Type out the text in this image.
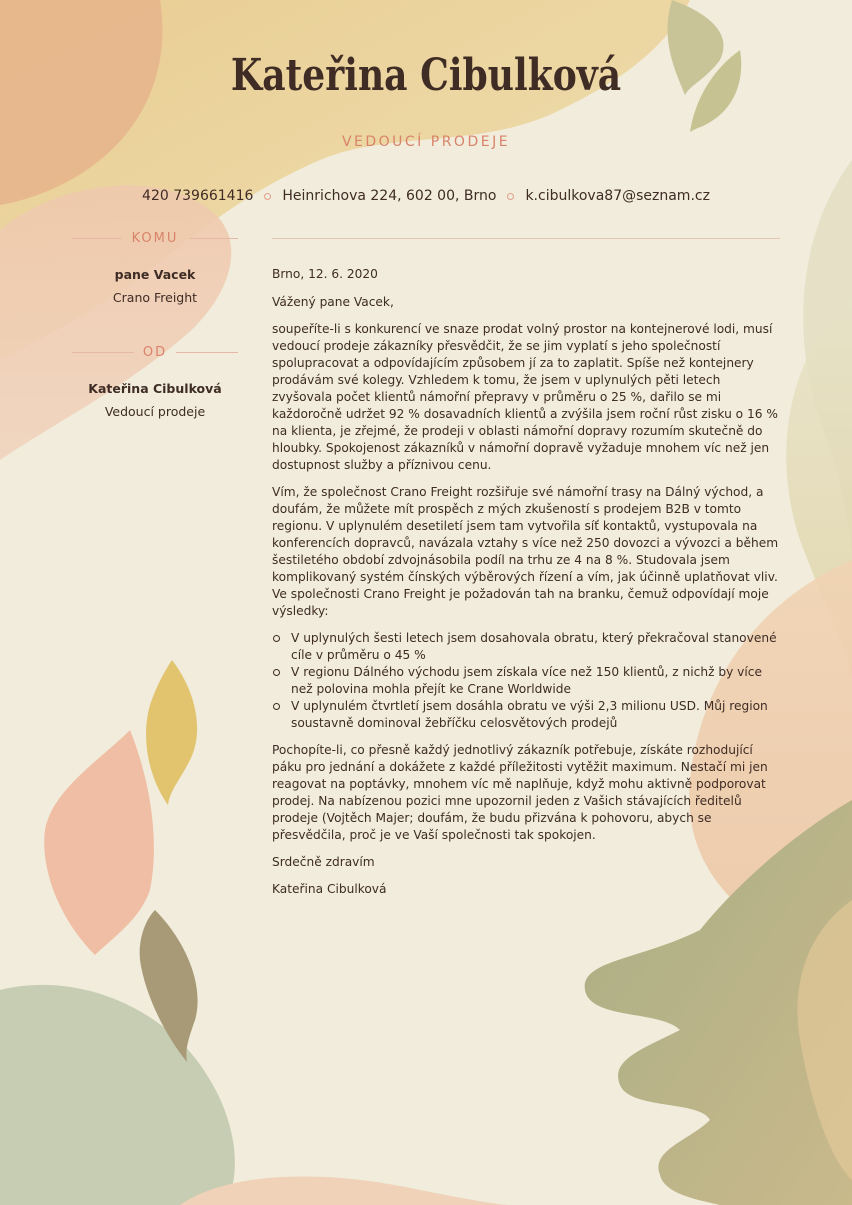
Kateřina Cibulková
VEDOUCÍ PRODEJE
420 739661416 Heinrichova 224, 602 00, Brno k.cibulkova87@seznam.cz
KOMU
pane Vacek
Crano Freight
OD
Kateřina Cibulková
Vedoucí prodeje

Brno, 12. 6. 2020

Vážený pane Vacek,

soupeříte-li s konkurencí ve snaze prodat volný prostor na kontejnerové lodi, musí vedoucí prodeje zákazníky přesvědčit, že se jim vyplatí s jeho společností spolupracovat a odpovídajícím způsobem jí za to zaplatit. Spíše než kontejnery prodávám své kolegy. Vzhledem k tomu, že jsem v uplynulých pěti letech zvyšovala počet klientů námořní přepravy v průměru o 25 %, dařilo se mi každoročně udržet 92 % dosavadních klientů a zvýšila jsem roční růst zisku o 16 % na klienta, je zřejmé, že prodeji v oblasti námořní dopravy rozumím skutečně do hloubky. Spokojenost zákazníků v námořní dopravě vyžaduje mnohem víc než jen dostupnost služby a příznivou cenu.

Vím, že společnost Crano Freight rozšiřuje své námořní trasy na Dálný východ, a doufám, že můžete mít prospěch z mých zkušeností s prodejem B2B v tomto regionu. V uplynulém desetiletí jsem tam vytvořila síť kontaktů, vystupovala na konferencích dopravců, navázala vztahy s více než 250 dovozci a vývozci a během šestiletého období zdvojnásobila podíl na trhu ze 4 na 8 %. Studovala jsem komplikovaný systém čínských výběrových řízení a vím, jak účinně uplatňovat vliv. Ve společnosti Crano Freight je požadován tah na branku, čemuž odpovídají moje výsledky:

V uplynulých šesti letech jsem dosahovala obratu, který překračoval stanovené cíle v průměru o 45 %
V regionu Dálného východu jsem získala více než 150 klientů, z nichž by více než polovina mohla přejít ke Crane Worldwide
V uplynulém čtvrtletí jsem dosáhla obratu ve výši 2,3 milionu USD. Můj region soustavně dominoval žebříčku celosvětových prodejů

Pochopíte-li, co přesně každý jednotlivý zákazník potřebuje, získáte rozhodující páku pro jednání a dokážete z každé příležitosti vytěžit maximum. Nestačí mi jen reagovat na poptávky, mnohem víc mě naplňuje, když mohu aktivně podporovat prodej. Na nabízenou pozici mne upozornil jeden z Vašich stávajících ředitelů prodeje (Vojtěch Majer; doufám, že budu přizvána k pohovoru, abych se přesvědčila, proč je ve Vaší společnosti tak spokojen.

Srdečně zdravím

Kateřina Cibulková
